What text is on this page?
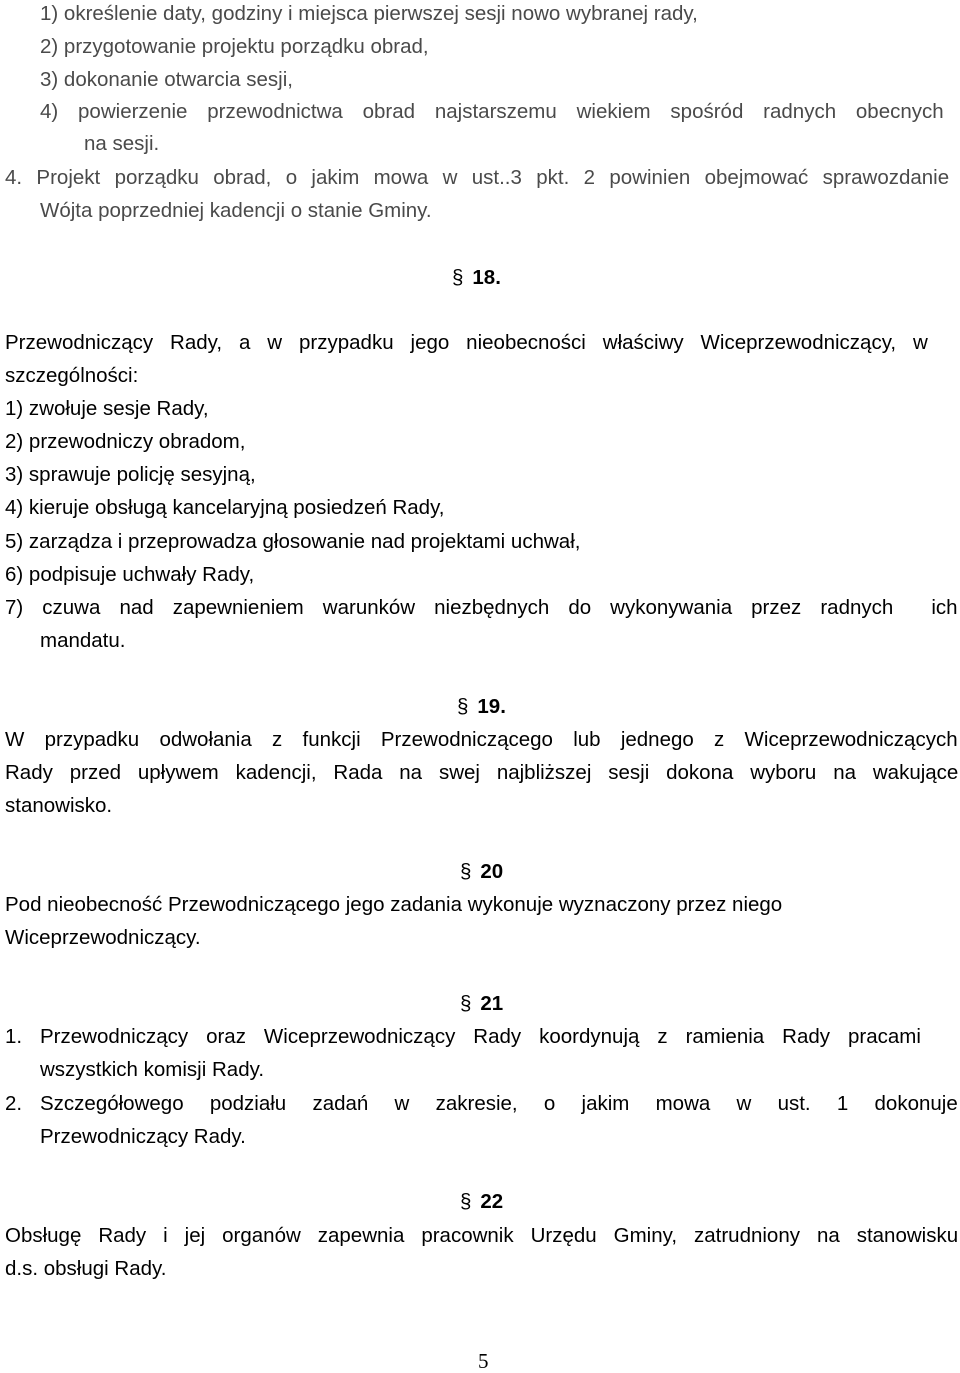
1) określenie daty, godziny i miejsca pierwszej sesji nowo wybranej rady,
2) przygotowanie projektu porządku obrad,
3) dokonanie otwarcia sesji,
4) powierzenie przewodnictwa obrad najstarszemu wiekiem spośród radnych obecnych
na sesji.
4. Projekt porządku obrad, o jakim mowa w ust..3 pkt. 2 powinien obejmować sprawozdanie
Wójta poprzedniej kadencji o stanie Gminy.
§ 18.
Przewodniczący Rady, a w przypadku jego nieobecności właściwy Wiceprzewodniczący, w
szczególności:
1) zwołuje sesje Rady,
2) przewodniczy obradom,
3) sprawuje policję sesyjną,
4) kieruje obsługą kancelaryjną posiedzeń Rady,
5) zarządza i przeprowadza głosowanie nad projektami uchwał,
6) podpisuje uchwały Rady,
7) czuwa nad zapewnieniem warunków niezbędnych do wykonywania przez radnych  ich
mandatu.
§ 19.
W przypadku odwołania z funkcji Przewodniczącego lub jednego z Wiceprzewodniczących
Rady przed upływem kadencji, Rada na swej najbliższej sesji dokona wyboru na wakujące
stanowisko.
§ 20
Pod nieobecność Przewodniczącego jego zadania wykonuje wyznaczony przez niego
Wiceprzewodniczący.
§ 21
1. Przewodniczący oraz Wiceprzewodniczący Rady koordynują z ramienia Rady pracami
wszystkich komisji Rady.
2. Szczegółowego podziału zadań w zakresie, o jakim mowa w ust. 1 dokonuje
Przewodniczący Rady.
§ 22
Obsługę Rady i jej organów zapewnia pracownik Urzędu Gminy, zatrudniony na stanowisku
d.s. obsługi Rady.
5
